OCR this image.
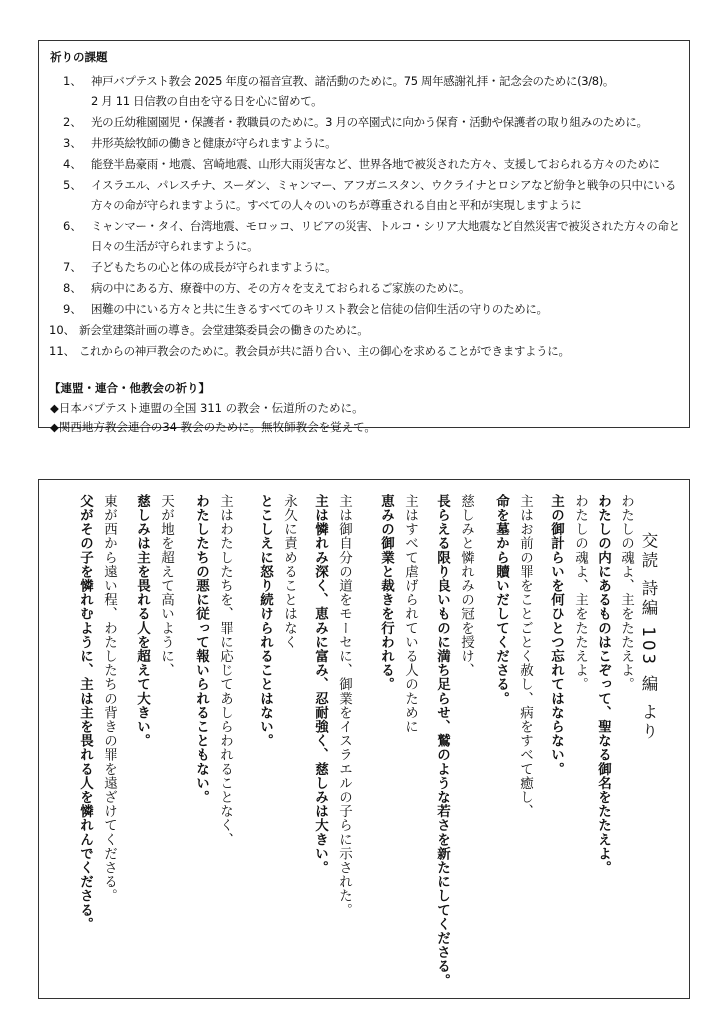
祈りの課題
1、 神戸バプテスト教会 2025 年度の福音宣教、諸活動のために。75 周年感謝礼拝・記念会のために(3/8)。
2 月 11 日信教の自由を守る日を心に留めて。
2、 光の丘幼稚園園児・保護者・教職員のために。3 月の卒園式に向かう保育・活動や保護者の取り組みのために。
3、 井形英絵牧師の働きと健康が守られますように。
4、 能登半島豪雨・地震、宮崎地震、山形大雨災害など、世界各地で被災された方々、支援しておられる方々のために
5、 イスラエル、パレスチナ、スーダン、ミャンマー、アフガニスタン、ウクライナとロシアなど紛争と戦争の只中にいる
方々の命が守られますように。すべての人々のいのちが尊重される自由と平和が実現しますように
6、 ミャンマー・タイ、台湾地震、モロッコ、リビアの災害、トルコ・シリア大地震など自然災害で被災された方々の命と
日々の生活が守られますように。
7、 子どもたちの心と体の成長が守られますように。
8、 病の中にある方、療養中の方、その方々を支えておられるご家族のために。
9、 困難の中にいる方々と共に生きるすべてのキリスト教会と信徒の信仰生活の守りのために。
10、 新会堂建築計画の導き。会堂建築委員会の働きのために。
11、 これからの神戸教会のために。教会員が共に語り合い、主の御心を求めることができますように。
【連盟・連合・他教会の祈り】
◆日本バプテスト連盟の全国 311 の教会・伝道所のために。
◆関西地方教会連合の34 教会のために。無牧師教会を覚えて。
交読 詩編 103 編 より
わたしの魂よ、主をたたえよ。
わたしの内にあるものはこぞって、聖なる御名をたたえよ。
わたしの魂よ、主をたたえよ。
主の御計らいを何ひとつ忘れてはならない。
主はお前の罪をことごとく赦し、病をすべて癒し、
命を墓から贖いだしてくださる。
慈しみと憐れみの冠を授け、
長らえる限り良いものに満ち足らせ、鷲のような若さを新たにしてくださる。
主はすべて虐げられている人のために
恵みの御業と裁きを行われる。
主は御自分の道をモーセに、御業をイスラエルの子らに示された。
主は憐れみ深く、恵みに富み、忍耐強く、慈しみは大きい。
永久に責めることはなく
とこしえに怒り続けられることはない。
主はわたしたちを、罪に応じてあしらわれることなく、
わたしたちの悪に従って報いられることもない。
天が地を超えて高いように、
慈しみは主を畏れる人を超えて大きい。
東が西から遠い程、わたしたちの背きの罪を遠ざけてくださる。
父がその子を憐れむように、主は主を畏れる人を憐れんでくださる。
